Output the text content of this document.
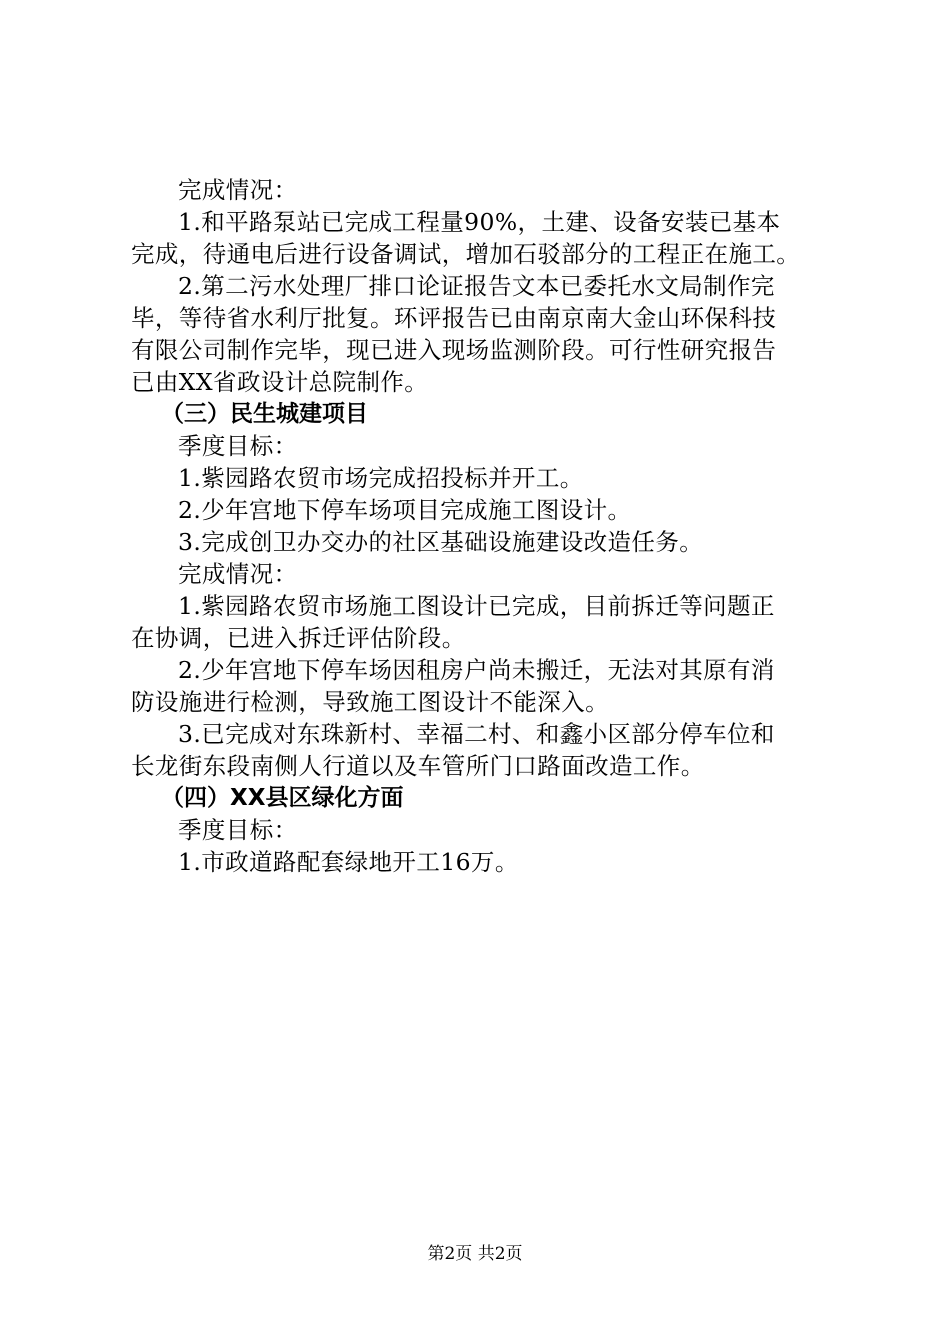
完成情况：
1.和平路泵站已完成工程量90%，土建、设备安装已基本
完成，待通电后进行设备调试，增加石驳部分的工程正在施工。
2.第二污水处理厂排口论证报告文本已委托水文局制作完
毕，等待省水利厅批复。环评报告已由南京南大金山环保科技
有限公司制作完毕，现已进入现场监测阶段。可行性研究报告
已由XX省政设计总院制作。
（三）民生城建项目
季度目标：
1.紫园路农贸市场完成招投标并开工。
2.少年宫地下停车场项目完成施工图设计。
3.完成创卫办交办的社区基础设施建设改造任务。
完成情况：
1.紫园路农贸市场施工图设计已完成，目前拆迁等问题正
在协调，已进入拆迁评估阶段。
2.少年宫地下停车场因租房户尚未搬迁，无法对其原有消
防设施进行检测，导致施工图设计不能深入。
3.已完成对东珠新村、幸福二村、和鑫小区部分停车位和
长龙街东段南侧人行道以及车管所门口路面改造工作。
（四）XX县区绿化方面
季度目标：
1.市政道路配套绿地开工16万。
第2页 共2页
